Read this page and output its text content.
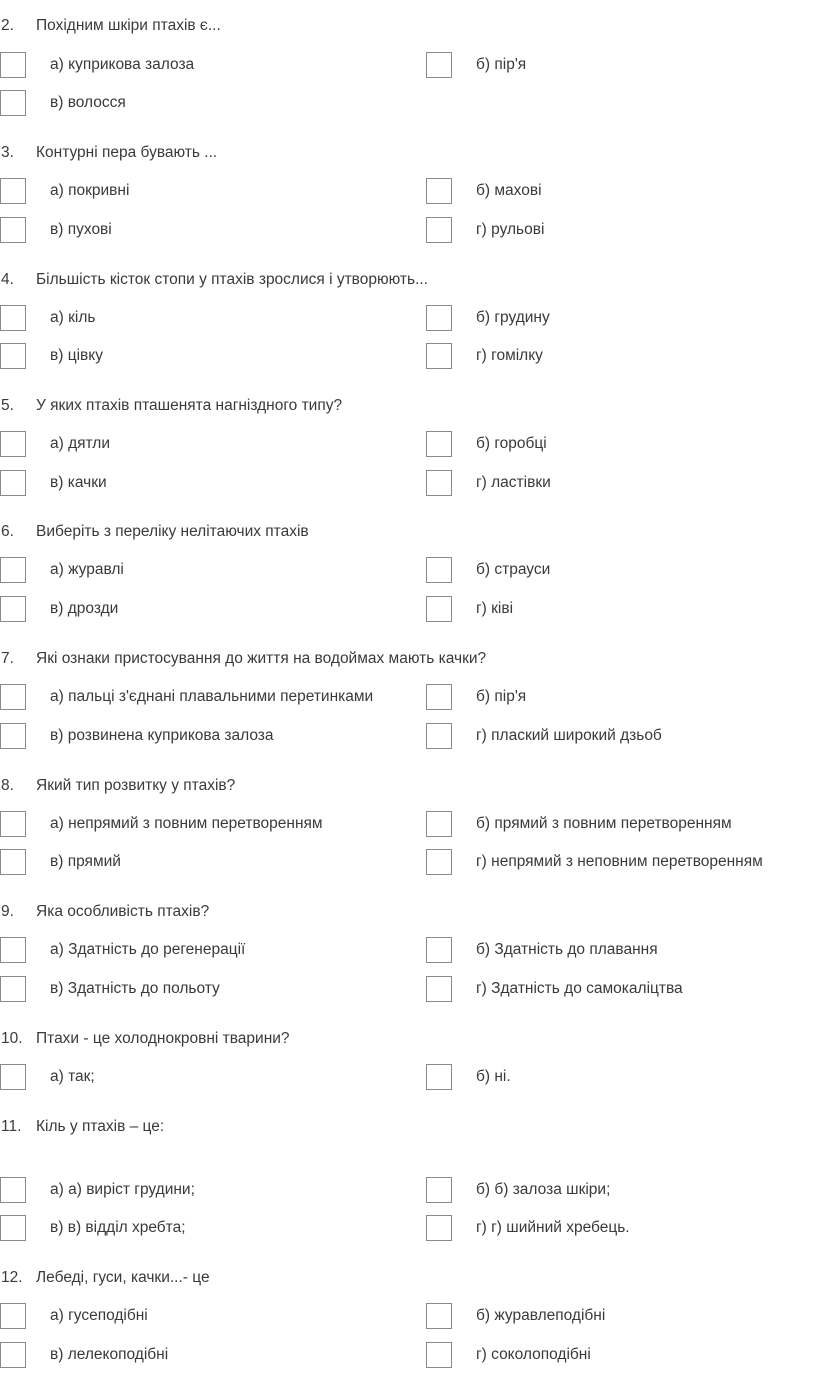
2. Похідним шкіри птахів є...
а) куприкова залоза	б) пір'я
в) волосся
3. Контурні пера бувають ...
а) покривні	б) махові
в) пухові	г) рульові
4. Більшість кісток стопи у птахів зрослися і утворюють...
а) кіль	б) грудину
в) цівку	г) гомілку
5. У яких птахів пташенята нагніздного типу?
а) дятли	б) горобці
в) качки	г) ластівки
6. Виберіть з переліку нелітаючих птахів
а) журавлі	б) страуси
в) дрозди	г) ківі
7. Які ознаки пристосування до життя на водоймах мають качки?
а) пальці з'єднані плавальними перетинками	б) пір'я
в) розвинена куприкова залоза	г) плаский широкий дзьоб
8. Який тип розвитку у птахів?
а) непрямий з повним перетворенням	б) прямий з повним перетворенням
в) прямий	г) непрямий з неповним перетворенням
9. Яка особливість птахів?
а) Здатність до регенерації	б) Здатність до плавання
в) Здатність до польоту	г) Здатність до самокаліцтва
10. Птахи - це холоднокровні тварини?
а) так;	б) ні.
11. Кіль у птахів – це:
а) а) виріст грудини;	б) б) залоза шкіри;
в) в) відділ хребта;	г) г) шийний хребець.
12. Лебеді, гуси, качки...- це
а) гусеподібні	б) журавлеподібні
в) лелекоподібні	г) соколоподібні
